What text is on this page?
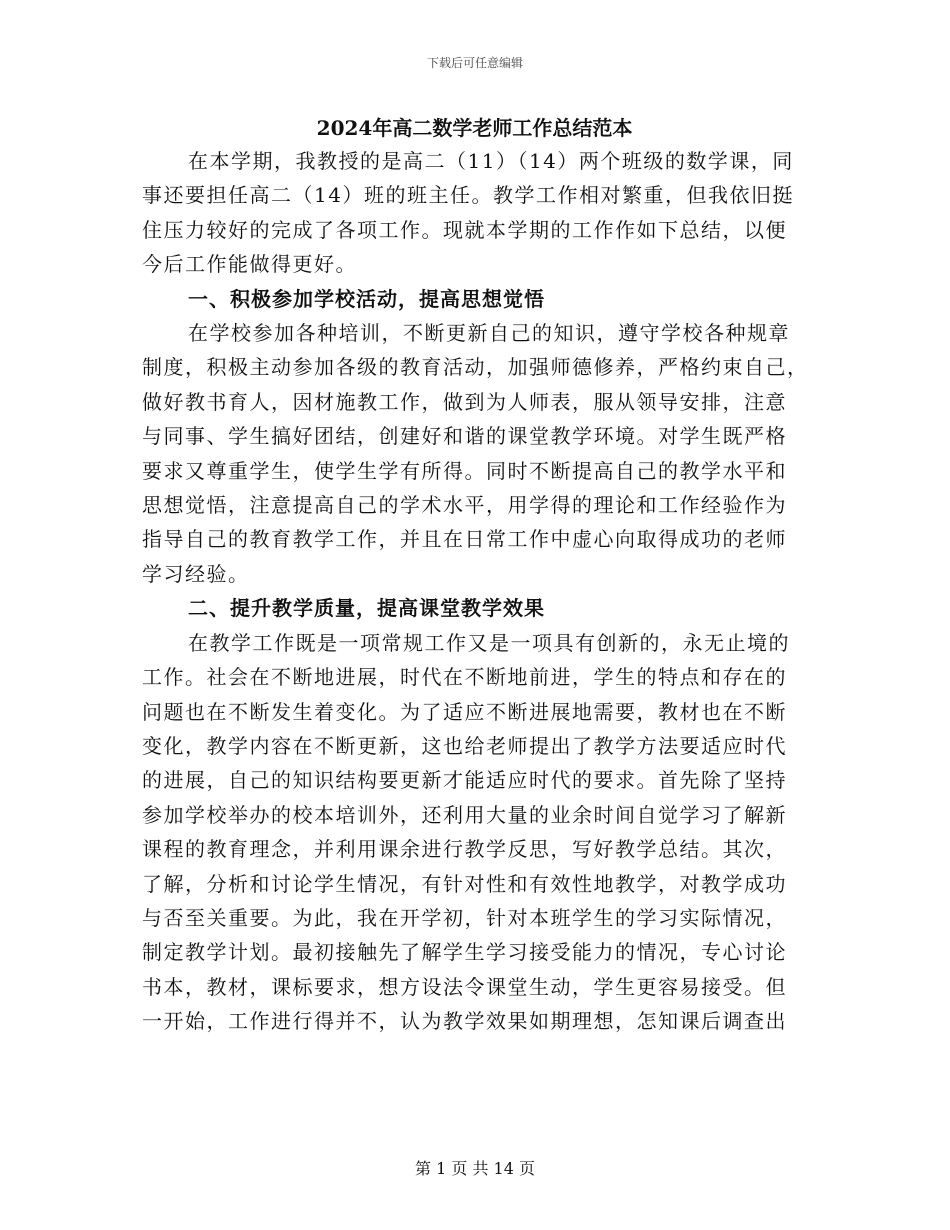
下载后可任意编辑
2024年高二数学老师工作总结范本

在本学期，我教授的是高二（11）（14）两个班级的数学课，同
事还要担任高二（14）班的班主任。教学工作相对繁重，但我依旧挺
住压力较好的完成了各项工作。现就本学期的工作作如下总结，以便
今后工作能做得更好。

一、积极参加学校活动，提高思想觉悟

在学校参加各种培训，不断更新自己的知识，遵守学校各种规章
制度，积极主动参加各级的教育活动，加强师德修养，严格约束自己，
做好教书育人，因材施教工作，做到为人师表，服从领导安排，注意
与同事、学生搞好团结，创建好和谐的课堂教学环境。对学生既严格
要求又尊重学生，使学生学有所得。同时不断提高自己的教学水平和
思想觉悟，注意提高自己的学术水平，用学得的理论和工作经验作为
指导自己的教育教学工作，并且在日常工作中虚心向取得成功的老师
学习经验。

二、提升教学质量，提高课堂教学效果

在教学工作既是一项常规工作又是一项具有创新的，永无止境的
工作。社会在不断地进展，时代在不断地前进，学生的特点和存在的
问题也在不断发生着变化。为了适应不断进展地需要，教材也在不断
变化，教学内容在不断更新，这也给老师提出了教学方法要适应时代
的进展，自己的知识结构要更新才能适应时代的要求。首先除了坚持
参加学校举办的校本培训外，还利用大量的业余时间自觉学习了解新
课程的教育理念，并利用课余进行教学反思，写好教学总结。其次，
了解，分析和讨论学生情况，有针对性和有效性地教学，对教学成功
与否至关重要。为此，我在开学初，针对本班学生的学习实际情况，
制定教学计划。最初接触先了解学生学习接受能力的情况，专心讨论
书本，教材，课标要求，想方设法令课堂生动，学生更容易接受。但
一开始，工作进行得并不，认为教学效果如期理想，怎知课后调查出

第 1 页 共 14 页
